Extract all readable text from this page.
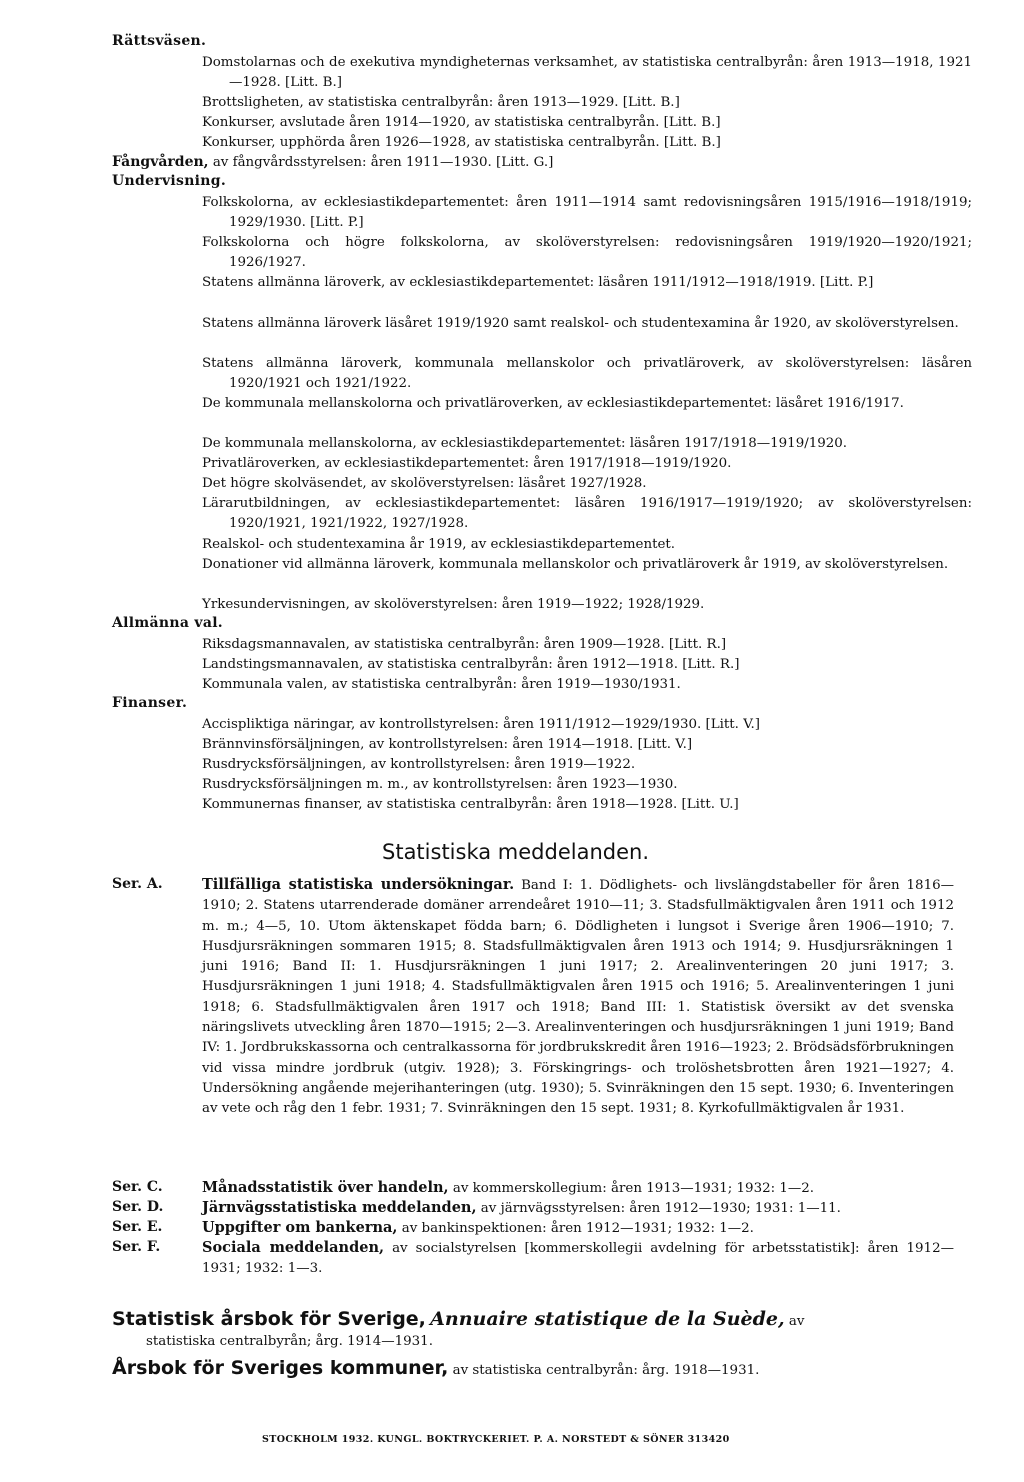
Rättsväsen.
Domstolarnas och de exekutiva myndigheternas verksamhet, av statistiska centralbyrån: åren 1913—1918, 1921—1928. [Litt. B.]
Brottsligheten, av statistiska centralbyrån: åren 1913—1929. [Litt. B.]
Konkurser, avslutade åren 1914—1920, av statistiska centralbyrån. [Litt. B.]
Konkurser, upphörda åren 1926—1928, av statistiska centralbyrån. [Litt. B.]
Fångvården, av fångvårdsstyrelsen: åren 1911—1930. [Litt. G.]
Undervisning.
Folkskolorna, av ecklesiastikdepartementet: åren 1911—1914 samt redovisningsåren 1915/1916—1918/1919; 1929/1930. [Litt. P.]
Folkskolorna och högre folkskolorna, av skolöverstyrelsen: redovisningsåren 1919/1920—1920/1921; 1926/1927.
Statens allmänna läroverk, av ecklesiastikdepartementet: läsåren 1911/1912—1918/1919. [Litt. P.]
Statens allmänna läroverk läsåret 1919/1920 samt realskol- och studentexamina år 1920, av skolöverstyrelsen.
Statens allmänna läroverk, kommunala mellanskolor och privatläroverk, av skolöverstyrelsen: läsåren 1920/1921 och 1921/1922.
De kommunala mellanskolorna och privatläroverken, av ecklesiastikdepartementet: läsåret 1916/1917.
De kommunala mellanskolorna, av ecklesiastikdepartementet: läsåren 1917/1918—1919/1920.
Privatläroverken, av ecklesiastikdepartementet: åren 1917/1918—1919/1920.
Det högre skolväsendet, av skolöverstyrelsen: läsåret 1927/1928.
Lärarutbildningen, av ecklesiastikdepartementet: läsåren 1916/1917—1919/1920; av skolöverstyrelsen: 1920/1921, 1921/1922, 1927/1928.
Realskol- och studentexamina år 1919, av ecklesiastikdepartementet.
Donationer vid allmänna läroverk, kommunala mellanskolor och privatläroverk år 1919, av skolöverstyrelsen.
Yrkesundervisningen, av skolöverstyrelsen: åren 1919—1922; 1928/1929.
Allmänna val.
Riksdagsmannavalen, av statistiska centralbyrån: åren 1909—1928. [Litt. R.]
Landstingsmannavalen, av statistiska centralbyrån: åren 1912—1918. [Litt. R.]
Kommunala valen, av statistiska centralbyrån: åren 1919—1930/1931.
Finanser.
Accispliktiga näringar, av kontrollstyrelsen: åren 1911/1912—1929/1930. [Litt. V.]
Brännvinsförsäljningen, av kontrollstyrelsen: åren 1914—1918. [Litt. V.]
Rusdrycksförsäljningen, av kontrollstyrelsen: åren 1919—1922.
Rusdrycksförsäljningen m. m., av kontrollstyrelsen: åren 1923—1930.
Kommunernas finanser, av statistiska centralbyrån: åren 1918—1928. [Litt. U.]
Statistiska meddelanden.
Ser. A.	Tillfälliga statistiska undersökningar. Band I: 1. Dödlighets- och livslängdstabeller för åren 1816—1910; 2. Statens utarrenderade domäner arrendeåret 1910—11; 3. Stadsfullmäktigvalen åren 1911 och 1912 m. m.; 4—5, 10. Utom äktenskapet födda barn; 6. Dödligheten i lungsot i Sverige åren 1906—1910; 7. Husdjursräkningen sommaren 1915; 8. Stadsfullmäktigvalen åren 1913 och 1914; 9. Husdjursräkningen 1 juni 1916; Band II: 1. Husdjursräkningen 1 juni 1917; 2. Arealinventeringen 20 juni 1917; 3. Husdjursräkningen 1 juni 1918; 4. Stadsfullmäktigvalen åren 1915 och 1916; 5. Arealinventeringen 1 juni 1918; 6. Stadsfullmäktigvalen åren 1917 och 1918; Band III: 1. Statistisk översikt av det svenska näringslivets utveckling åren 1870—1915; 2—3. Arealinventeringen och husdjursräkningen 1 juni 1919; Band IV: 1. Jordbrukskassorna och centralkassorna för jordbrukskredit åren 1916—1923; 2. Brödsädsförbrukningen vid vissa mindre jordbruk (utgiv. 1928); 3. Förskingrings- och trolöshetsbrotten åren 1921—1927; 4. Undersökning angående mejerihanteringen (utg. 1930); 5. Svinräkningen den 15 sept. 1930; 6. Inventeringen av vete och råg den 1 febr. 1931; 7. Svinräkningen den 15 sept. 1931; 8. Kyrkofullmäktigvalen år 1931.
Ser. C.	Månadsstatistik över handeln, av kommerskollegium: åren 1913—1931; 1932: 1—2.
Ser. D.	Järnvägsstatistiska meddelanden, av järnvägsstyrelsen: åren 1912—1930; 1931: 1—11.
Ser. E.	Uppgifter om bankerna, av bankinspektionen: åren 1912—1931; 1932: 1—2.
Ser. F.	Sociala meddelanden, av socialstyrelsen [kommerskollegii avdelning för arbetsstatistik]: åren 1912—1931; 1932: 1—3.
Statistisk årsbok för Sverige, Annuaire statistique de la Suède, av
statistiska centralbyrån; årg. 1914—1931.
Årsbok för Sveriges kommuner, av statistiska centralbyrån: årg. 1918—1931.
STOCKHOLM 1932. KUNGL. BOKTRYCKERIET. P. A. NORSTEDT & SÖNER 313420
